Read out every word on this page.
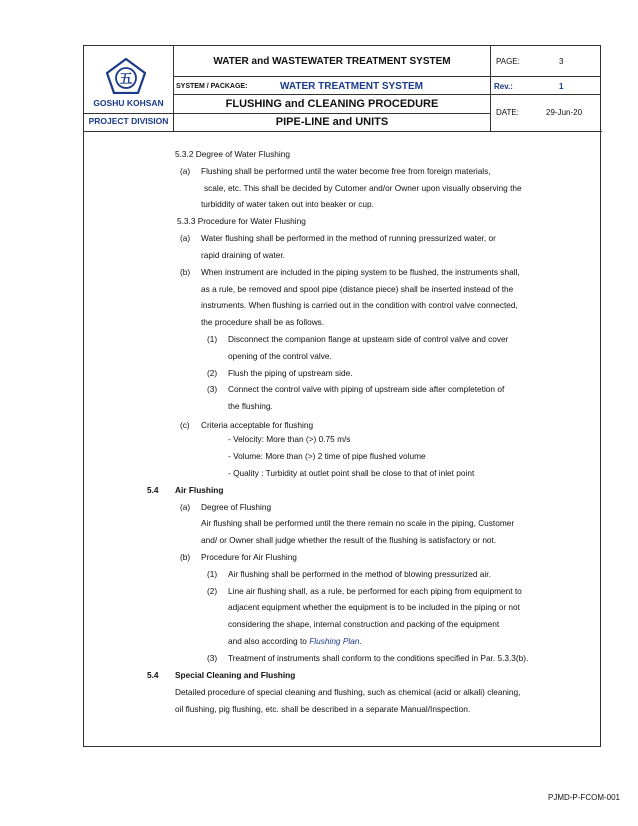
五
GOSHU KOHSAN
PROJECT DIVISION
WATER and WASTEWATER TREATMENT SYSTEM
SYSTEM / PACKAGE:	WATER TREATMENT SYSTEM
FLUSHING and CLEANING PROCEDURE
PIPE-LINE and UNITS
PAGE:	3
Rev.:	1
DATE:	29-Jun-20
5.3.2 Degree of Water Flushing
(a) Flushing shall be performed until the water become free from foreign materials,
scale, etc. This shall be decided by Cutomer and/or Owner upon visually observing the
turbiddity of water taken out into beaker or cup.
5.3.3 Procedure for Water Flushing
(a) Water flushing shall be performed in the method of running pressurized water, or
rapid draining of water.
(b) When instrument are included in the piping system to be flushed, the instruments shall,
as a rule, be removed and spool pipe (distance piece) shall be inserted instead of the
instruments. When flushing is carried out in the condition with control valve connected,
the procedure shall be as follows.
(1) Disconnect the companion flange at upsteam side of control valve and cover
opening of the control valve.
(2) Flush the piping of upstream side.
(3) Connect the control valve with piping of upstream side after completetion of
the flushing.
(c) Criteria acceptable for flushing
- Velocity: More than (>) 0.75 m/s
- Volume: More than (>) 2 time of pipe flushed volume
- Quality : Turbidity at outlet point shall be close to that of inlet point
5.4 Air Flushing
(a) Degree of Flushing
Air flushing shall be performed until the there remain no scale in the piping, Customer
and/ or Owner shall judge whether the result of the flushing is satisfactory or not.
(b) Procedure for Air Flushing
(1) Air flushing shall be performed in the method of blowing pressurized air.
(2) Line air flushing shall, as a rule, be performed for each piping from equipment to
adjacent equipment whether the equipment is to be included in the piping or not
considering the shape, internal construction and packing of the equipment
and also according to Flushing Plan.
(3) Treatment of instruments shall conform to the conditions specified in Par. 5.3.3(b).
5.4 Special Cleaning and Flushing
Detailed procedure of special cleaning and flushing, such as chemical (acid or alkali) cleaning,
oil flushing, pig flushing, etc. shall be described in a separate Manual/Inspection.
PJMD-P-FCOM-001
